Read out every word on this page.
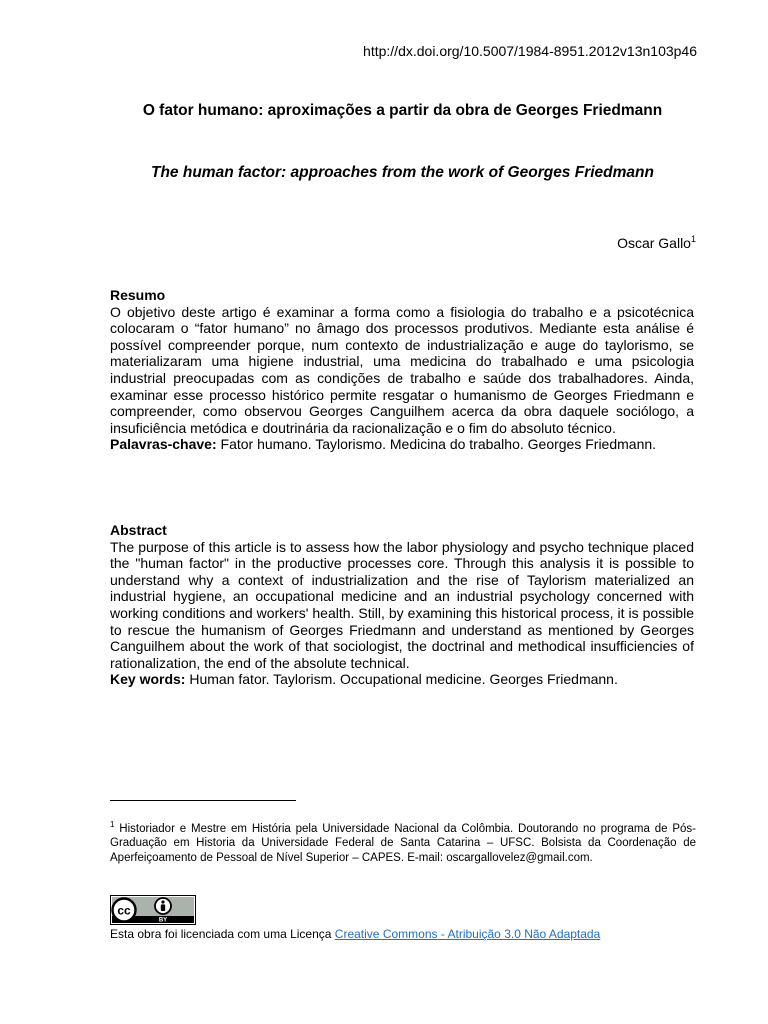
http://dx.doi.org/10.5007/1984-8951.2012v13n103p46
O fator humano: aproximações a partir da obra de Georges Friedmann
The human factor: approaches from the work of Georges Friedmann
Oscar Gallo$^1$
Resumo

O objetivo deste artigo é examinar a forma como a fisiologia do trabalho e a psicotécnica colocaram o “fator humano” no âmago dos processos produtivos. Mediante esta análise é possível compreender porque, num contexto de industrialização e auge do taylorismo, se materializaram uma higiene industrial, uma medicina do trabalhado e uma psicologia industrial preocupadas com as condições de trabalho e saúde dos trabalhadores. Ainda, examinar esse processo histórico permite resgatar o humanismo de Georges Friedmann e compreender, como observou Georges Canguilhem acerca da obra daquele sociólogo, a insuficiência metódica e doutrinária da racionalização e o fim do absoluto técnico.

Palavras-chave: Fator humano. Taylorismo. Medicina do trabalho. Georges Friedmann.

Abstract

The purpose of this article is to assess how the labor physiology and psycho technique placed the "human factor" in the productive processes core. Through this analysis it is possible to understand why a context of industrialization and the rise of Taylorism materialized an industrial hygiene, an occupational medicine and an industrial psychology concerned with working conditions and workers' health. Still, by examining this historical process, it is possible to rescue the humanism of Georges Friedmann and understand as mentioned by Georges Canguilhem about the work of that sociologist, the doctrinal and methodical insufficiencies of rationalization, the end of the absolute technical.

Key words: Human fator. Taylorism. Occupational medicine. Georges Friedmann.

$^1$ Historiador e Mestre em História pela Universidade Nacional da Colômbia. Doutorando no programa de Pós-Graduação em Historia da Universidade Federal de Santa Catarina – UFSC. Bolsista da Coordenação de Aperfeiçoamento de Pessoal de Nível Superior – CAPES. E-mail: oscargallovelez@gmail.com.
cc
BY
Esta obra foi licenciada com uma Licença Creative Commons - Atribuição 3.0 Não Adaptada
